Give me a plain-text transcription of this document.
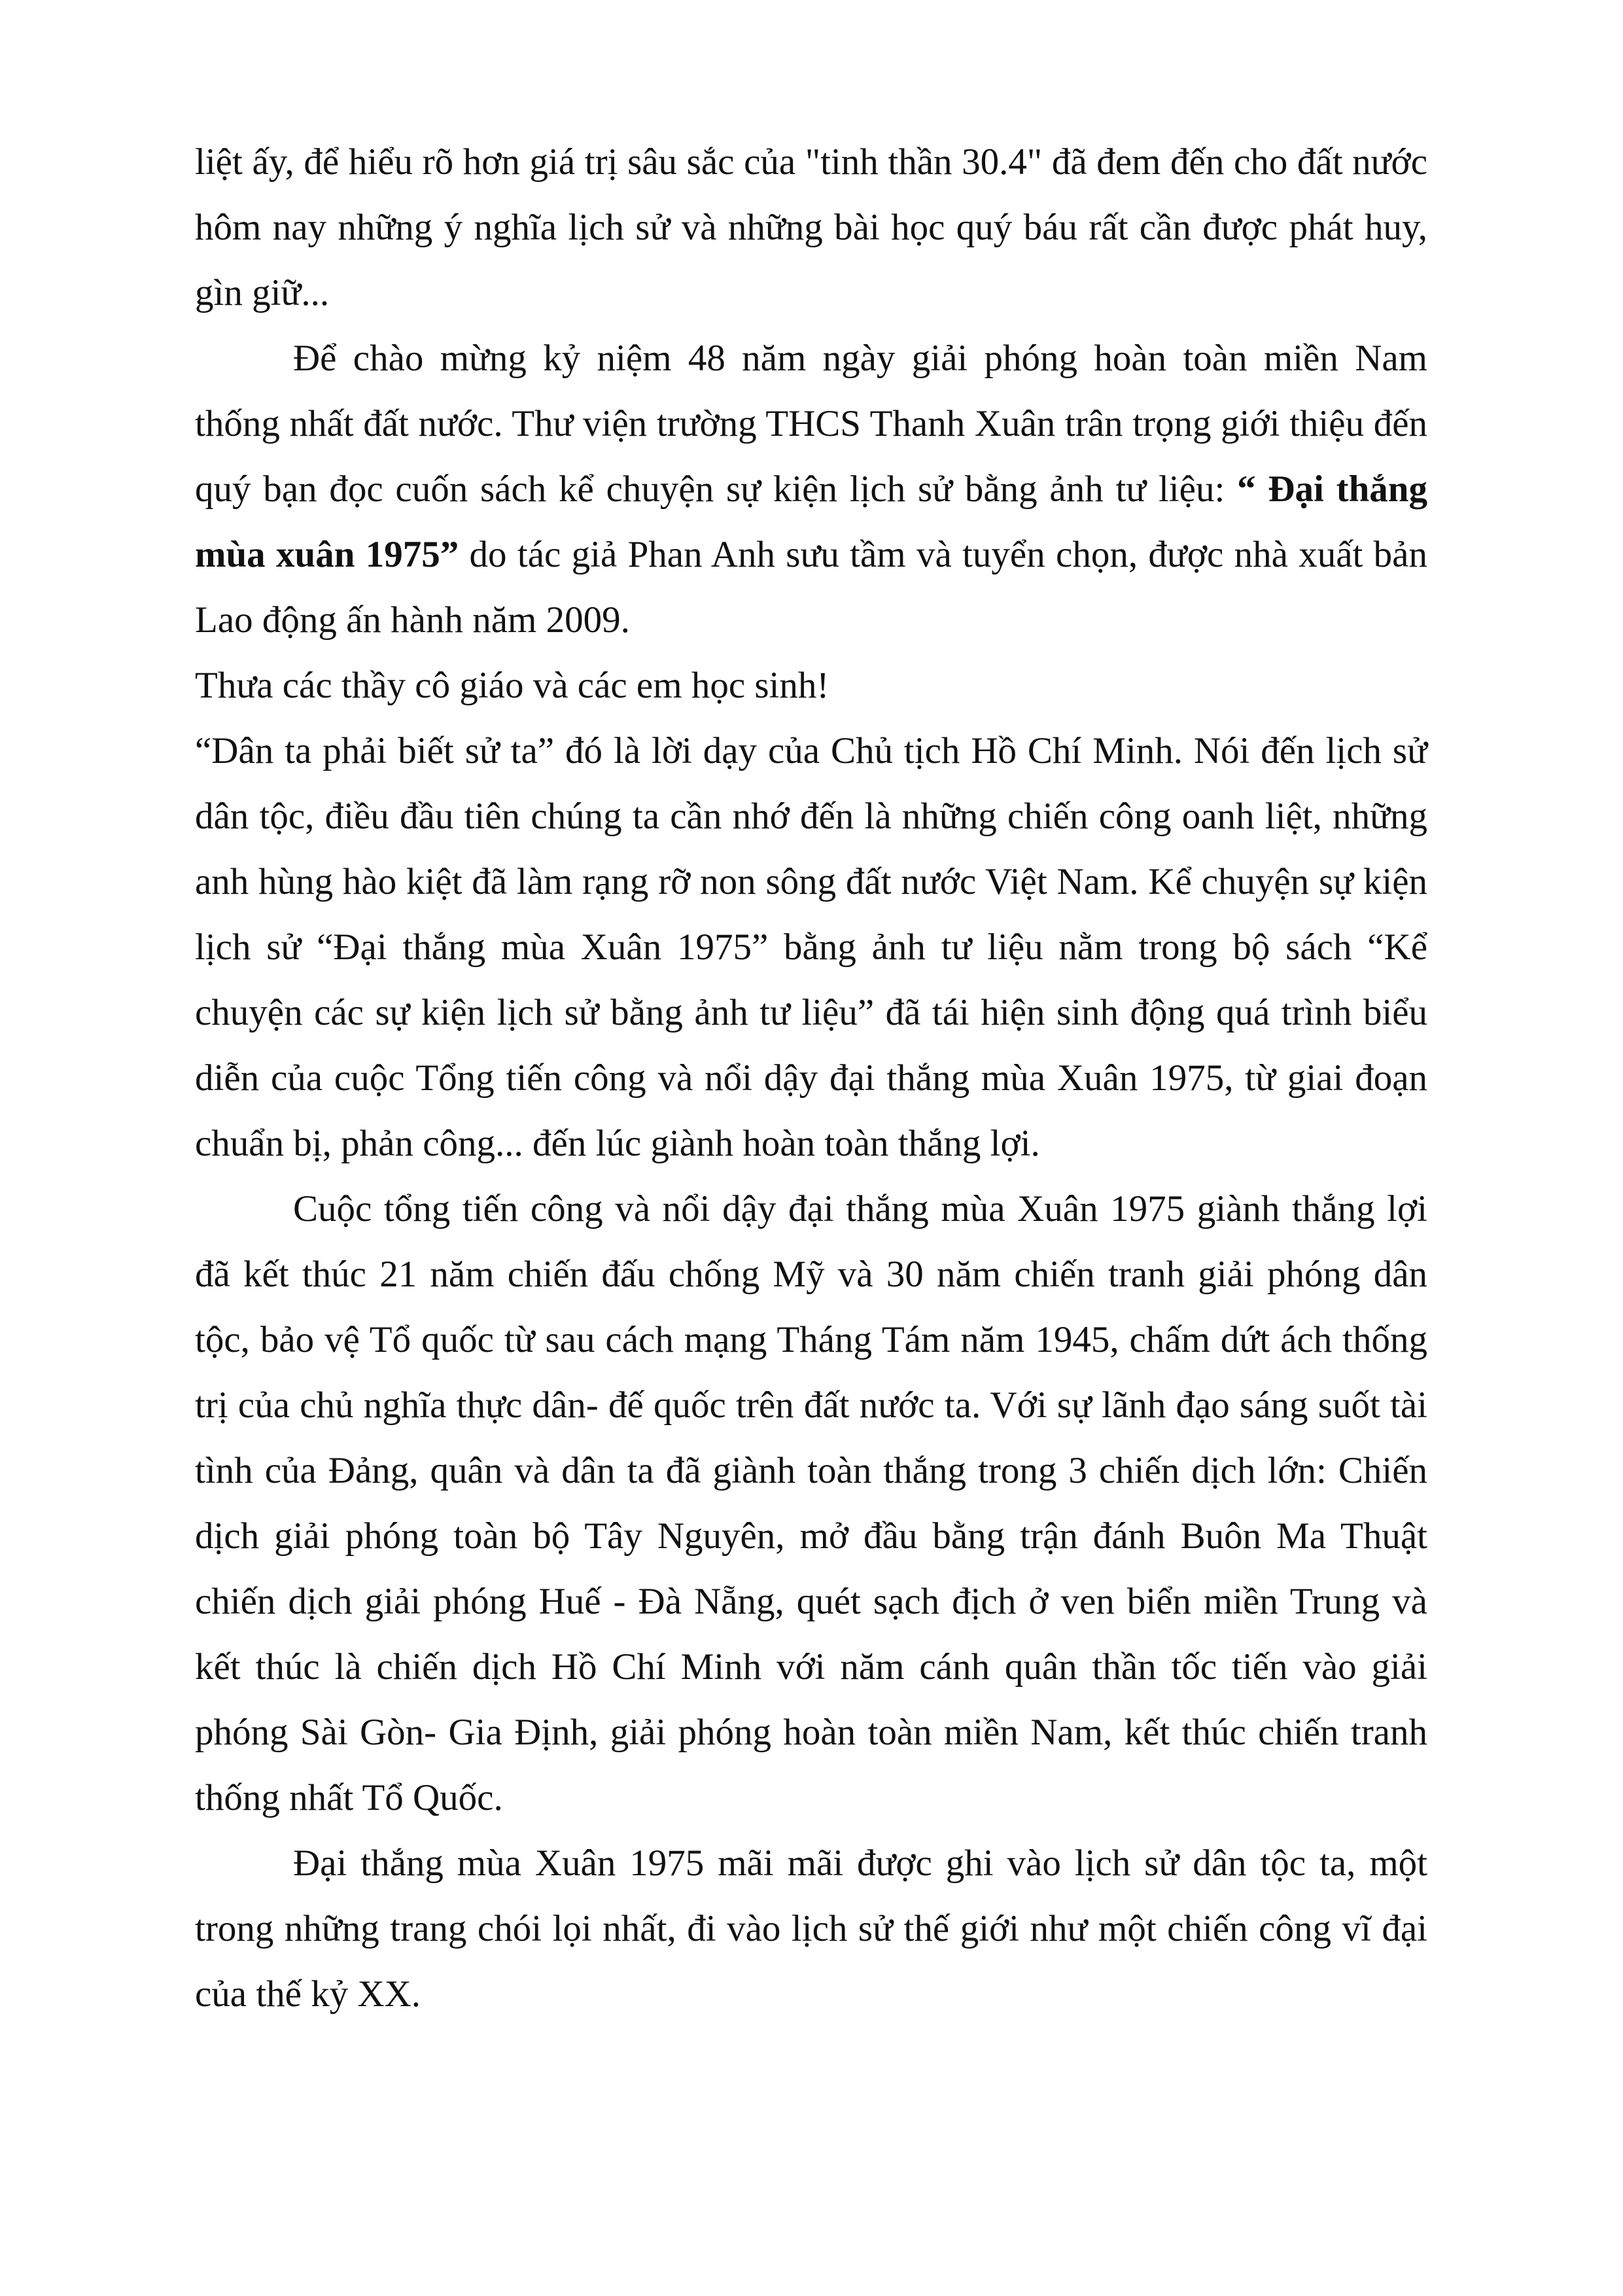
liệt ấy, để hiểu rõ hơn giá trị sâu sắc của "tinh thần 30.4" đã đem đến cho đất nước hôm nay những ý nghĩa lịch sử và những bài học quý báu rất cần được phát huy, gìn giữ...

Để chào mừng kỷ niệm 48 năm ngày giải phóng hoàn toàn miền Nam thống nhất đất nước. Thư viện trường THCS Thanh Xuân trân trọng giới thiệu đến quý bạn đọc cuốn sách kể chuyện sự kiện lịch sử bằng ảnh tư liệu: “ Đại thắng mùa xuân 1975” do tác giả Phan Anh sưu tầm và tuyển chọn, được nhà xuất bản Lao động ấn hành năm 2009.

Thưa các thầy cô giáo và các em học sinh!

“Dân ta phải biết sử ta” đó là lời dạy của Chủ tịch Hồ Chí Minh. Nói đến lịch sử dân tộc, điều đầu tiên chúng ta cần nhớ đến là những chiến công oanh liệt, những anh hùng hào kiệt đã làm rạng rỡ non sông đất nước Việt Nam. Kể chuyện sự kiện lịch sử “Đại thắng mùa Xuân 1975” bằng ảnh tư liệu nằm trong bộ sách “Kể chuyện các sự kiện lịch sử bằng ảnh tư liệu” đã tái hiện sinh động quá trình biểu diễn của cuộc Tổng tiến công và nổi dậy đại thắng mùa Xuân 1975, từ giai đoạn chuẩn bị, phản công... đến lúc giành hoàn toàn thắng lợi.

Cuộc tổng tiến công và nổi dậy đại thắng mùa Xuân 1975 giành thắng lợi đã kết thúc 21 năm chiến đấu chống Mỹ và 30 năm chiến tranh giải phóng dân tộc, bảo vệ Tổ quốc từ sau cách mạng Tháng Tám năm 1945, chấm dứt ách thống trị của chủ nghĩa thực dân- đế quốc trên đất nước ta. Với sự lãnh đạo sáng suốt tài tình của Đảng, quân và dân ta đã giành toàn thắng trong 3 chiến dịch lớn: Chiến dịch giải phóng toàn bộ Tây Nguyên, mở đầu bằng trận đánh Buôn Ma Thuật chiến dịch giải phóng Huế - Đà Nẵng, quét sạch địch ở ven biển miền Trung và kết thúc là chiến dịch Hồ Chí Minh với năm cánh quân thần tốc tiến vào giải phóng Sài Gòn- Gia Định, giải phóng hoàn toàn miền Nam, kết thúc chiến tranh thống nhất Tổ Quốc.

Đại thắng mùa Xuân 1975 mãi mãi được ghi vào lịch sử dân tộc ta, một trong những trang chói lọi nhất, đi vào lịch sử thế giới như một chiến công vĩ đại của thế kỷ XX.
